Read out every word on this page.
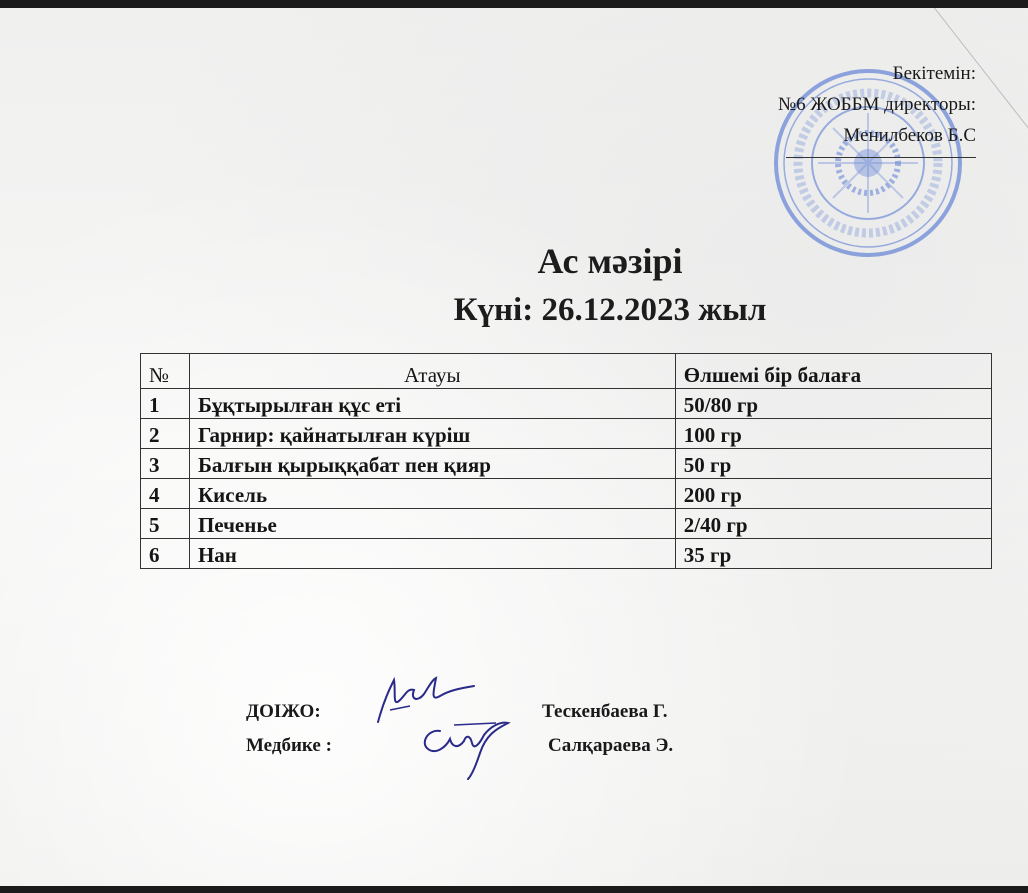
Бекітемін:
№6 ЖОББМ директоры:
Менилбеков Б.С
Ас мәзірі
Күні: 26.12.2023 жыл
№	Атауы	Өлшемі бір балаға
1	Бұқтырылған құс еті	50/80 гр
2	Гарнир: қайнатылған күріш	100 гр
3	Балғын қырыққабат пен қияр	50 гр
4	Кисель	200 гр
5	Печенье	2/40 гр
6	Нан	35 гр
ДОІЖО:	Тескенбаева Г.
Медбике :	Салқараева Э.
